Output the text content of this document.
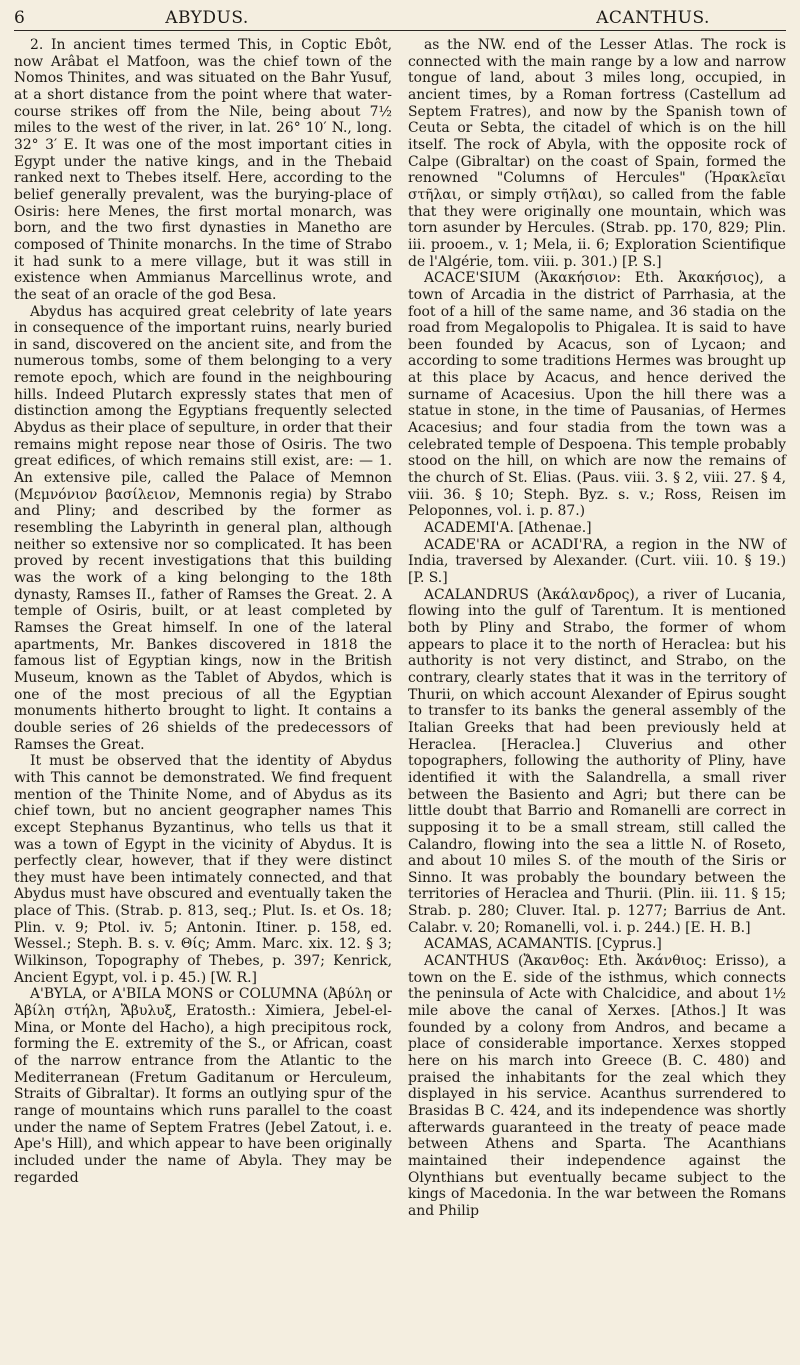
6	ABYDUS.	ACANTHUS.

2. In ancient times termed This, in Coptic Ebôt, now Arâbat el Matfoon, was the chief town of the Nomos Thinites, and was situated on the Bahr Yusuf, at a short distance from the point where that water-course strikes off from the Nile, being about 7½ miles to the west of the river, in lat. 26° 10′ N., long. 32° 3′ E. It was one of the most important cities in Egypt under the native kings, and in the Thebaid ranked next to Thebes itself. Here, according to the belief generally prevalent, was the burying-place of Osiris: here Menes, the first mortal monarch, was born, and the two first dynasties in Manetho are composed of Thinite monarchs. In the time of Strabo it had sunk to a mere village, but it was still in existence when Ammianus Marcellinus wrote, and the seat of an oracle of the god Besa.

Abydus has acquired great celebrity of late years in consequence of the important ruins, nearly buried in sand, discovered on the ancient site, and from the numerous tombs, some of them belonging to a very remote epoch, which are found in the neighbouring hills. Indeed Plutarch expressly states that men of distinction among the Egyptians frequently selected Abydus as their place of sepulture, in order that their remains might repose near those of Osiris. The two great edifices, of which remains still exist, are: — 1. An extensive pile, called the Palace of Memnon (Μεμνόνιον βασίλειον, Memnonis regia) by Strabo and Pliny; and described by the former as resembling the Labyrinth in general plan, although neither so extensive nor so complicated. It has been proved by recent investigations that this building was the work of a king belonging to the 18th dynasty, Ramses II., father of Ramses the Great. 2. A temple of Osiris, built, or at least completed by Ramses the Great himself. In one of the lateral apartments, Mr. Bankes discovered in 1818 the famous list of Egyptian kings, now in the British Museum, known as the Tablet of Abydos, which is one of the most precious of all the Egyptian monuments hitherto brought to light. It contains a double series of 26 shields of the predecessors of Ramses the Great.

It must be observed that the identity of Abydus with This cannot be demonstrated. We find frequent mention of the Thinite Nome, and of Abydus as its chief town, but no ancient geographer names This except Stephanus Byzantinus, who tells us that it was a town of Egypt in the vicinity of Abydus. It is perfectly clear, however, that if they were distinct they must have been intimately connected, and that Abydus must have obscured and eventually taken the place of This. (Strab. p. 813, seq.; Plut. Is. et Os. 18; Plin. v. 9; Ptol. iv. 5; Antonin. Itiner. p. 158, ed. Wessel.; Steph. B. s. v. Θίς; Amm. Marc. xix. 12. § 3; Wilkinson, Topography of Thebes, p. 397; Kenrick, Ancient Egypt, vol. i p. 45.) [W. R.]

A'BYLA, or A'BILA MONS or COLUMNA (Ἀβύλη or Ἀβίλη στήλη, Ἄβυλυξ, Eratosth.: Ximiera, Jebel-el-Mina, or Monte del Hacho), a high precipitous rock, forming the E. extremity of the S., or African, coast of the narrow entrance from the Atlantic to the Mediterranean (Fretum Gaditanum or Herculeum, Straits of Gibraltar). It forms an outlying spur of the range of mountains which runs parallel to the coast under the name of Septem Fratres (Jebel Zatout, i. e. Ape's Hill), and which appear to have been originally included under the name of Abyla. They may be regarded

as the NW. end of the Lesser Atlas. The rock is connected with the main range by a low and narrow tongue of land, about 3 miles long, occupied, in ancient times, by a Roman fortress (Castellum ad Septem Fratres), and now by the Spanish town of Ceuta or Sebta, the citadel of which is on the hill itself. The rock of Abyla, with the opposite rock of Calpe (Gibraltar) on the coast of Spain, formed the renowned "Columns of Hercules" (Ἡρακλεῖαι στῆλαι, or simply στῆλαι), so called from the fable that they were originally one mountain, which was torn asunder by Hercules. (Strab. pp. 170, 829; Plin. iii. prooem., v. 1; Mela, ii. 6; Exploration Scientifique de l'Algérie, tom. viii. p. 301.) [P. S.]

ACACE'SIUM (Ἀκακήσιον: Eth. Ἀκακήσιος), a town of Arcadia in the district of Parrhasia, at the foot of a hill of the same name, and 36 stadia on the road from Megalopolis to Phigalea. It is said to have been founded by Acacus, son of Lycaon; and according to some traditions Hermes was brought up at this place by Acacus, and hence derived the surname of Acacesius. Upon the hill there was a statue in stone, in the time of Pausanias, of Hermes Acacesius; and four stadia from the town was a celebrated temple of Despoena. This temple probably stood on the hill, on which are now the remains of the church of St. Elias. (Paus. viii. 3. § 2, viii. 27. § 4, viii. 36. § 10; Steph. Byz. s. v.; Ross, Reisen im Peloponnes, vol. i. p. 87.)

ACADEMI'A. [Athenae.]

ACADE'RA or ACADI'RA, a region in the NW of India, traversed by Alexander. (Curt. viii. 10. § 19.) [P. S.]

ACALANDRUS (Ἀκάλανδρος), a river of Lucania, flowing into the gulf of Tarentum. It is mentioned both by Pliny and Strabo, the former of whom appears to place it to the north of Heraclea: but his authority is not very distinct, and Strabo, on the contrary, clearly states that it was in the territory of Thurii, on which account Alexander of Epirus sought to transfer to its banks the general assembly of the Italian Greeks that had been previously held at Heraclea. [Heraclea.] Cluverius and other topographers, following the authority of Pliny, have identified it with the Salandrella, a small river between the Basiento and Agri; but there can be little doubt that Barrio and Romanelli are correct in supposing it to be a small stream, still called the Calandro, flowing into the sea a little N. of Roseto, and about 10 miles S. of the mouth of the Siris or Sinno. It was probably the boundary between the territories of Heraclea and Thurii. (Plin. iii. 11. § 15; Strab. p. 280; Cluver. Ital. p. 1277; Barrius de Ant. Calabr. v. 20; Romanelli, vol. i. p. 244.) [E. H. B.]

ACAMAS, ACAMANTIS. [Cyprus.]

ACANTHUS (Ἄκανθος: Eth. Ἀκάνθιος: Erisso), a town on the E. side of the isthmus, which connects the peninsula of Acte with Chalcidice, and about 1½ mile above the canal of Xerxes. [Athos.] It was founded by a colony from Andros, and became a place of considerable importance. Xerxes stopped here on his march into Greece (B. C. 480) and praised the inhabitants for the zeal which they displayed in his service. Acanthus surrendered to Brasidas B C. 424, and its independence was shortly afterwards guaranteed in the treaty of peace made between Athens and Sparta. The Acanthians maintained their independence against the Olynthians but eventually became subject to the kings of Macedonia. In the war between the Romans and Philip
